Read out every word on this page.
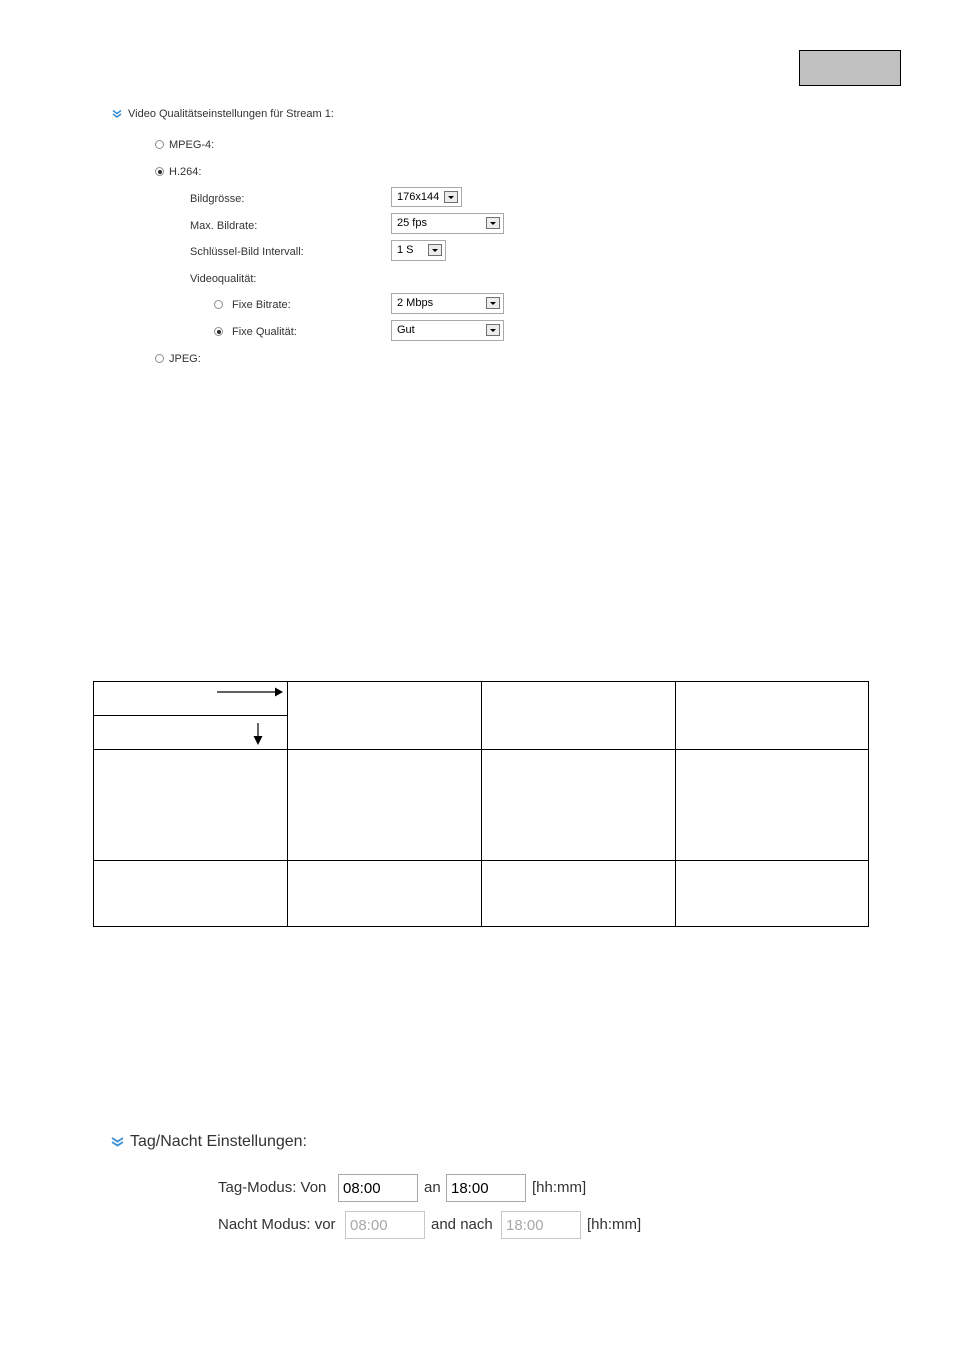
Video Qualitätseinstellungen für Stream 1:
MPEG-4:
H.264:
Bildgrösse:	176x144
Max. Bildrate:	25 fps
Schlüssel-Bild Intervall:	1 S
Videoqualität:
Fixe Bitrate:	2 Mbps
Fixe Qualität:	Gut
JPEG:
Tag/Nacht Einstellungen:
Tag-Modus: Von	08:00	an 18:00	[hh:mm]
Nacht Modus: vor 08:00	and nach 18:00	[hh:mm]
